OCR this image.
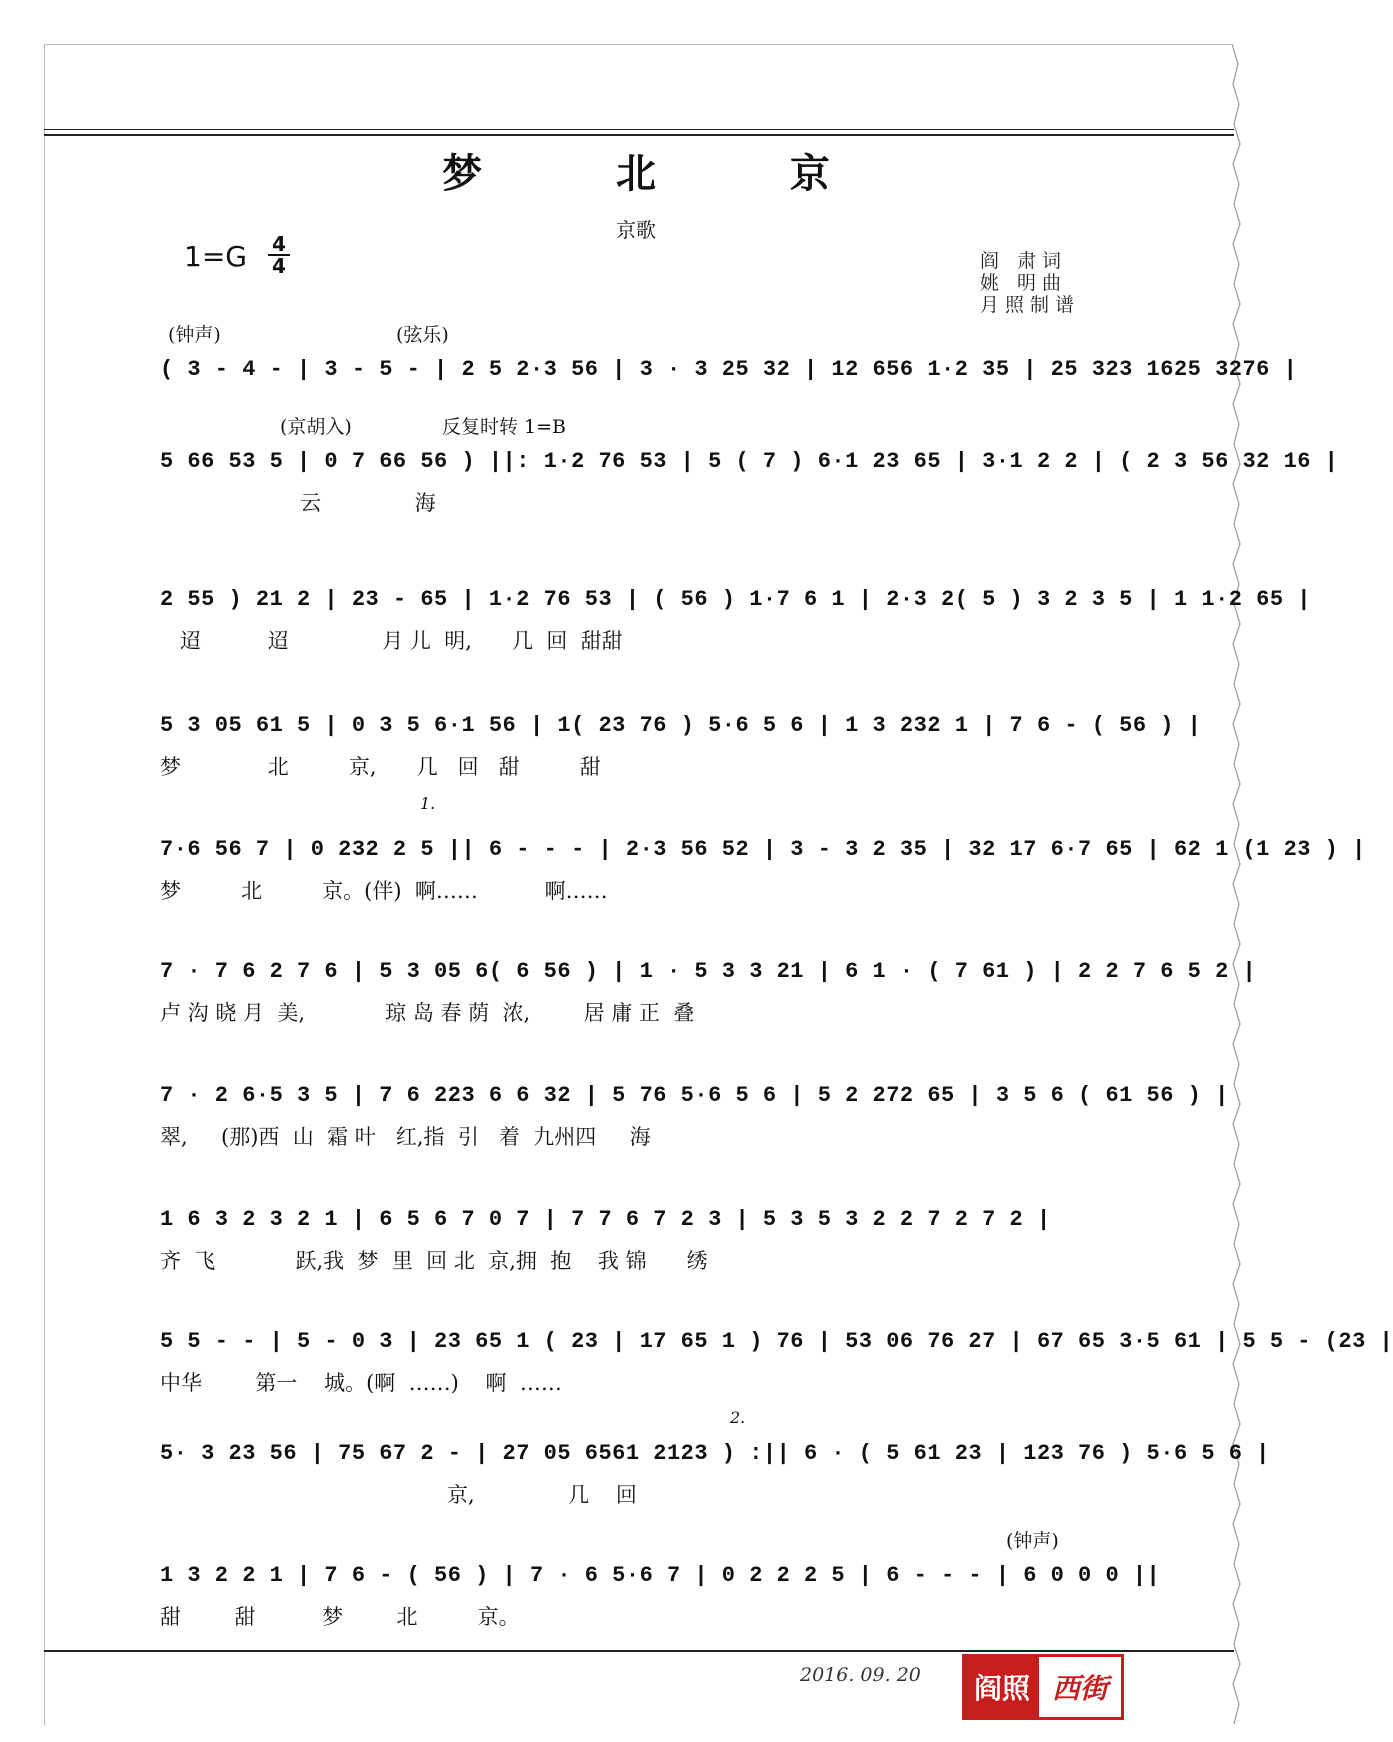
梦 北 京
京歌
$1=G \frac{4}{4}$	阎 肃词
姚 明曲
月照制谱
(钟声)	(弦乐)
( 3 - 4 - | 3 - 5 - | 2 5 2·3 56 | 3 · 3 25 32 | 12 656 1·2 35 | 25 323 1625 3276 |
(京胡入)	反复时转 1=B
5 66 53 5 | 0 7 66 56 ) ||: 1·2 76 53 | 5 ( 7 ) 6·1 23 65 | 3·1 2 2 | ( 2 3 56 32 16 |
云              海
2 55 ) 21 2 | 23 - 65 | 1·2 76 53 | ( 56 ) 1·7 6 1 | 2·3 2( 5 ) 3 2 3 5 | 1 1·2 65 |
迢          迢              月 儿  明,      几  回  甜甜
5 3 05 61 5 | 0 3 5 6·1 56 | 1( 23 76 ) 5·6 5 6 | 1 3 232 1 | 7 6 - ( 56 ) |
梦             北         京,      几   回   甜         甜
1.
7·6 56 7 | 0 232 2 5 || 6 - - - | 2·3 56 52 | 3 - 3 2 35 | 32 17 6·7 65 | 62 1 (1 23 ) |
梦         北         京。(伴)  啊……          啊……
7 · 7 6 2 7 6 | 5 3 05 6( 6 56 ) | 1 · 5 3 3 21 | 6 1 · ( 7 61 ) | 2 2 7 6 5 2 |
卢 沟 晓 月  美,            琼 岛 春 荫  浓,        居 庸 正  叠
7 · 2 6·5 3 5 | 7 6 223 6 6 32 | 5 76 5·6 5 6 | 5 2 272 65 | 3 5 6 ( 61 56 ) |
翠,     (那)西  山  霜 叶   红,指  引   着  九州四     海
1 6 3 2 3 2 1 | 6 5 6 7 0 7 | 7 7 6 7 2 3 | 5 3 5 3 2 2 7 2 7 2 |
齐  飞            跃,我  梦  里  回 北  京,拥  抱    我 锦      绣
5 5 - - | 5 - 0 3 | 23 65 1 ( 23 | 17 65 1 ) 76 | 53 06 76 27 | 67 65 3·5 61 | 5 5 - (23 |
中华        第一    城。(啊  ……)    啊  ……
2.
5· 3 23 56 | 75 67 2 - | 27 05 6561 2123 ) :|| 6 · ( 5 61 23 | 123 76 ) 5·6 5 6 |
京,              几    回
(钟声)
1 3 2 2 1 | 7 6 - ( 56 ) | 7 · 6 5·6 7 | 0 2 2 2 5 | 6 - - - | 6 0 0 0 ||
甜        甜          梦        北         京。
2016. 09. 20	阎照 西街
